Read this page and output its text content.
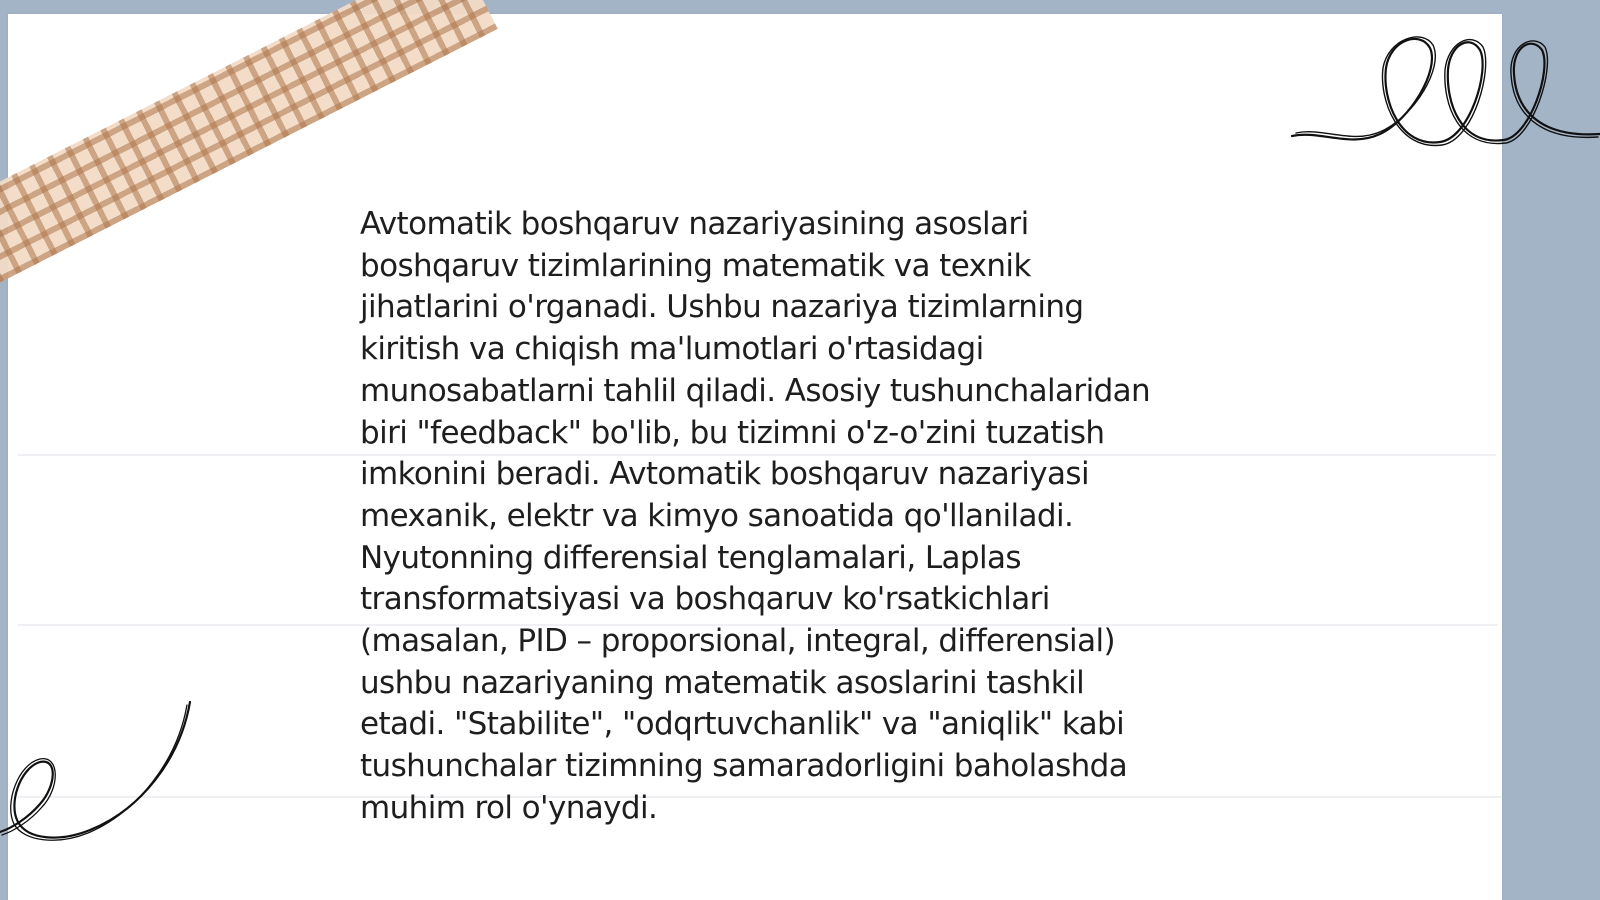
Avtomatik boshqaruv nazariyasining asoslari
boshqaruv tizimlarining matematik va texnik
jihatlarini o'rganadi. Ushbu nazariya tizimlarning
kiritish va chiqish ma'lumotlari o'rtasidagi
munosabatlarni tahlil qiladi. Asosiy tushunchalaridan
biri "feedback" bo'lib, bu tizimni o'z-o'zini tuzatish
imkonini beradi. Avtomatik boshqaruv nazariyasi
mexanik, elektr va kimyo sanoatida qo'llaniladi.
Nyutonning differensial tenglamalari, Laplas
transformatsiyasi va boshqaruv ko'rsatkichlari
(masalan, PID – proporsional, integral, differensial)
ushbu nazariyaning matematik asoslarini tashkil
etadi. "Stabilite", "odqrtuvchanlik" va "aniqlik" kabi
tushunchalar tizimning samaradorligini baholashda
muhim rol o'ynaydi.
